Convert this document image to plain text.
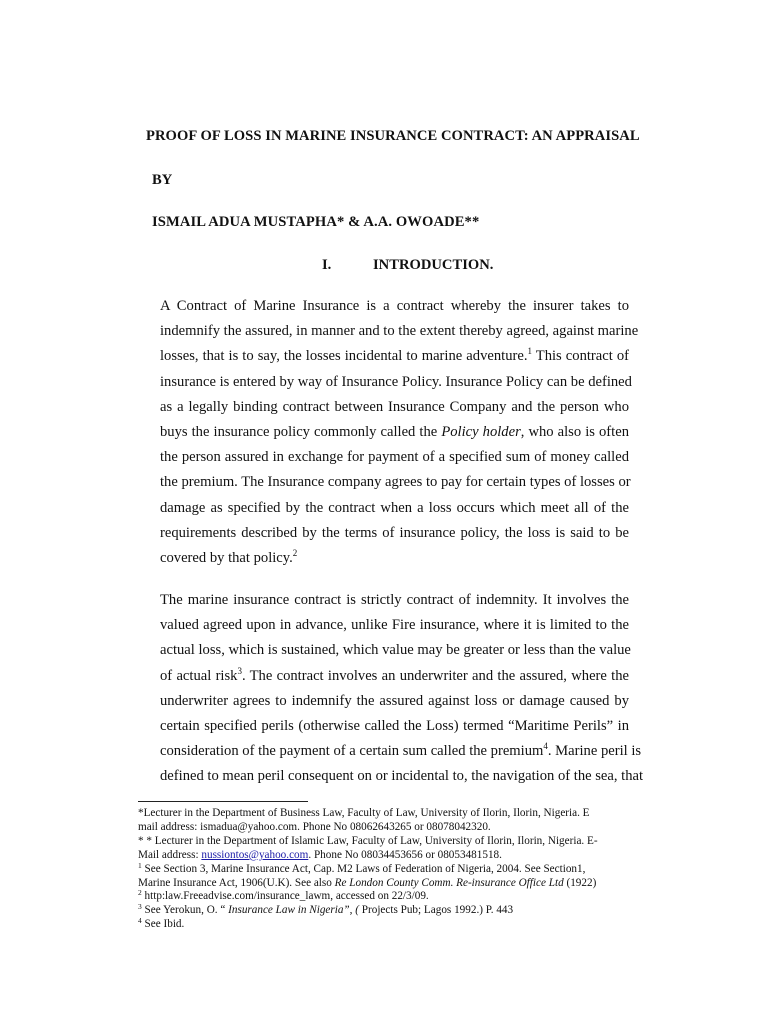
PROOF OF LOSS IN MARINE INSURANCE CONTRACT: AN APPRAISAL
BY
ISMAIL ADUA MUSTAPHA* & A.A. OWOADE**
I.	INTRODUCTION.
A Contract of Marine Insurance is a contract whereby the insurer takes to
indemnify the assured, in manner and to the extent thereby agreed, against marine
losses, that is to say, the losses incidental to marine adventure.$^1$ This contract of
insurance is entered by way of Insurance Policy. Insurance Policy can be defined
as a legally binding contract between Insurance Company and the person who
buys the insurance policy commonly called the Policy holder, who also is often
the person assured in exchange for payment of a specified sum of money called
the premium. The Insurance company agrees to pay for certain types of losses or
damage as specified by the contract when a loss occurs which meet all of the
requirements described by the terms of insurance policy, the loss is said to be
covered by that policy.$^2$
The marine insurance contract is strictly contract of indemnity. It involves the
valued agreed upon in advance, unlike Fire insurance, where it is limited to the
actual loss, which is sustained, which value may be greater or less than the value
of actual risk$^3$. The contract involves an underwriter and the assured, where the
underwriter agrees to indemnify the assured against loss or damage caused by
certain specified perils (otherwise called the Loss) termed “Maritime Perils” in
consideration of the payment of a certain sum called the premium$^4$. Marine peril is
defined to mean peril consequent on or incidental to, the navigation of the sea, that
*Lecturer in the Department of Business Law, Faculty of Law, University of Ilorin, Ilorin, Nigeria. E
mail address: ismadua@yahoo.com. Phone No 08062643265 or 08078042320.
* * Lecturer in the Department of Islamic Law, Faculty of Law, University of Ilorin, Ilorin, Nigeria. E-
Mail address: nussiontos@yahoo.com. Phone No 08034453656 or 08053481518.
$^1$ See Section 3, Marine Insurance Act, Cap. M2 Laws of Federation of Nigeria, 2004. See Section1,
Marine Insurance Act, 1906(U.K). See also Re London County Comm. Re-insurance Office Ltd (1922)
$^2$ http:law.Freeadvise.com/insurance_lawm, accessed on 22/3/09.
$^3$ See Yerokun, O. “ Insurance Law in Nigeria”, ( Projects Pub; Lagos 1992.) P. 443
$^4$ See Ibid.
